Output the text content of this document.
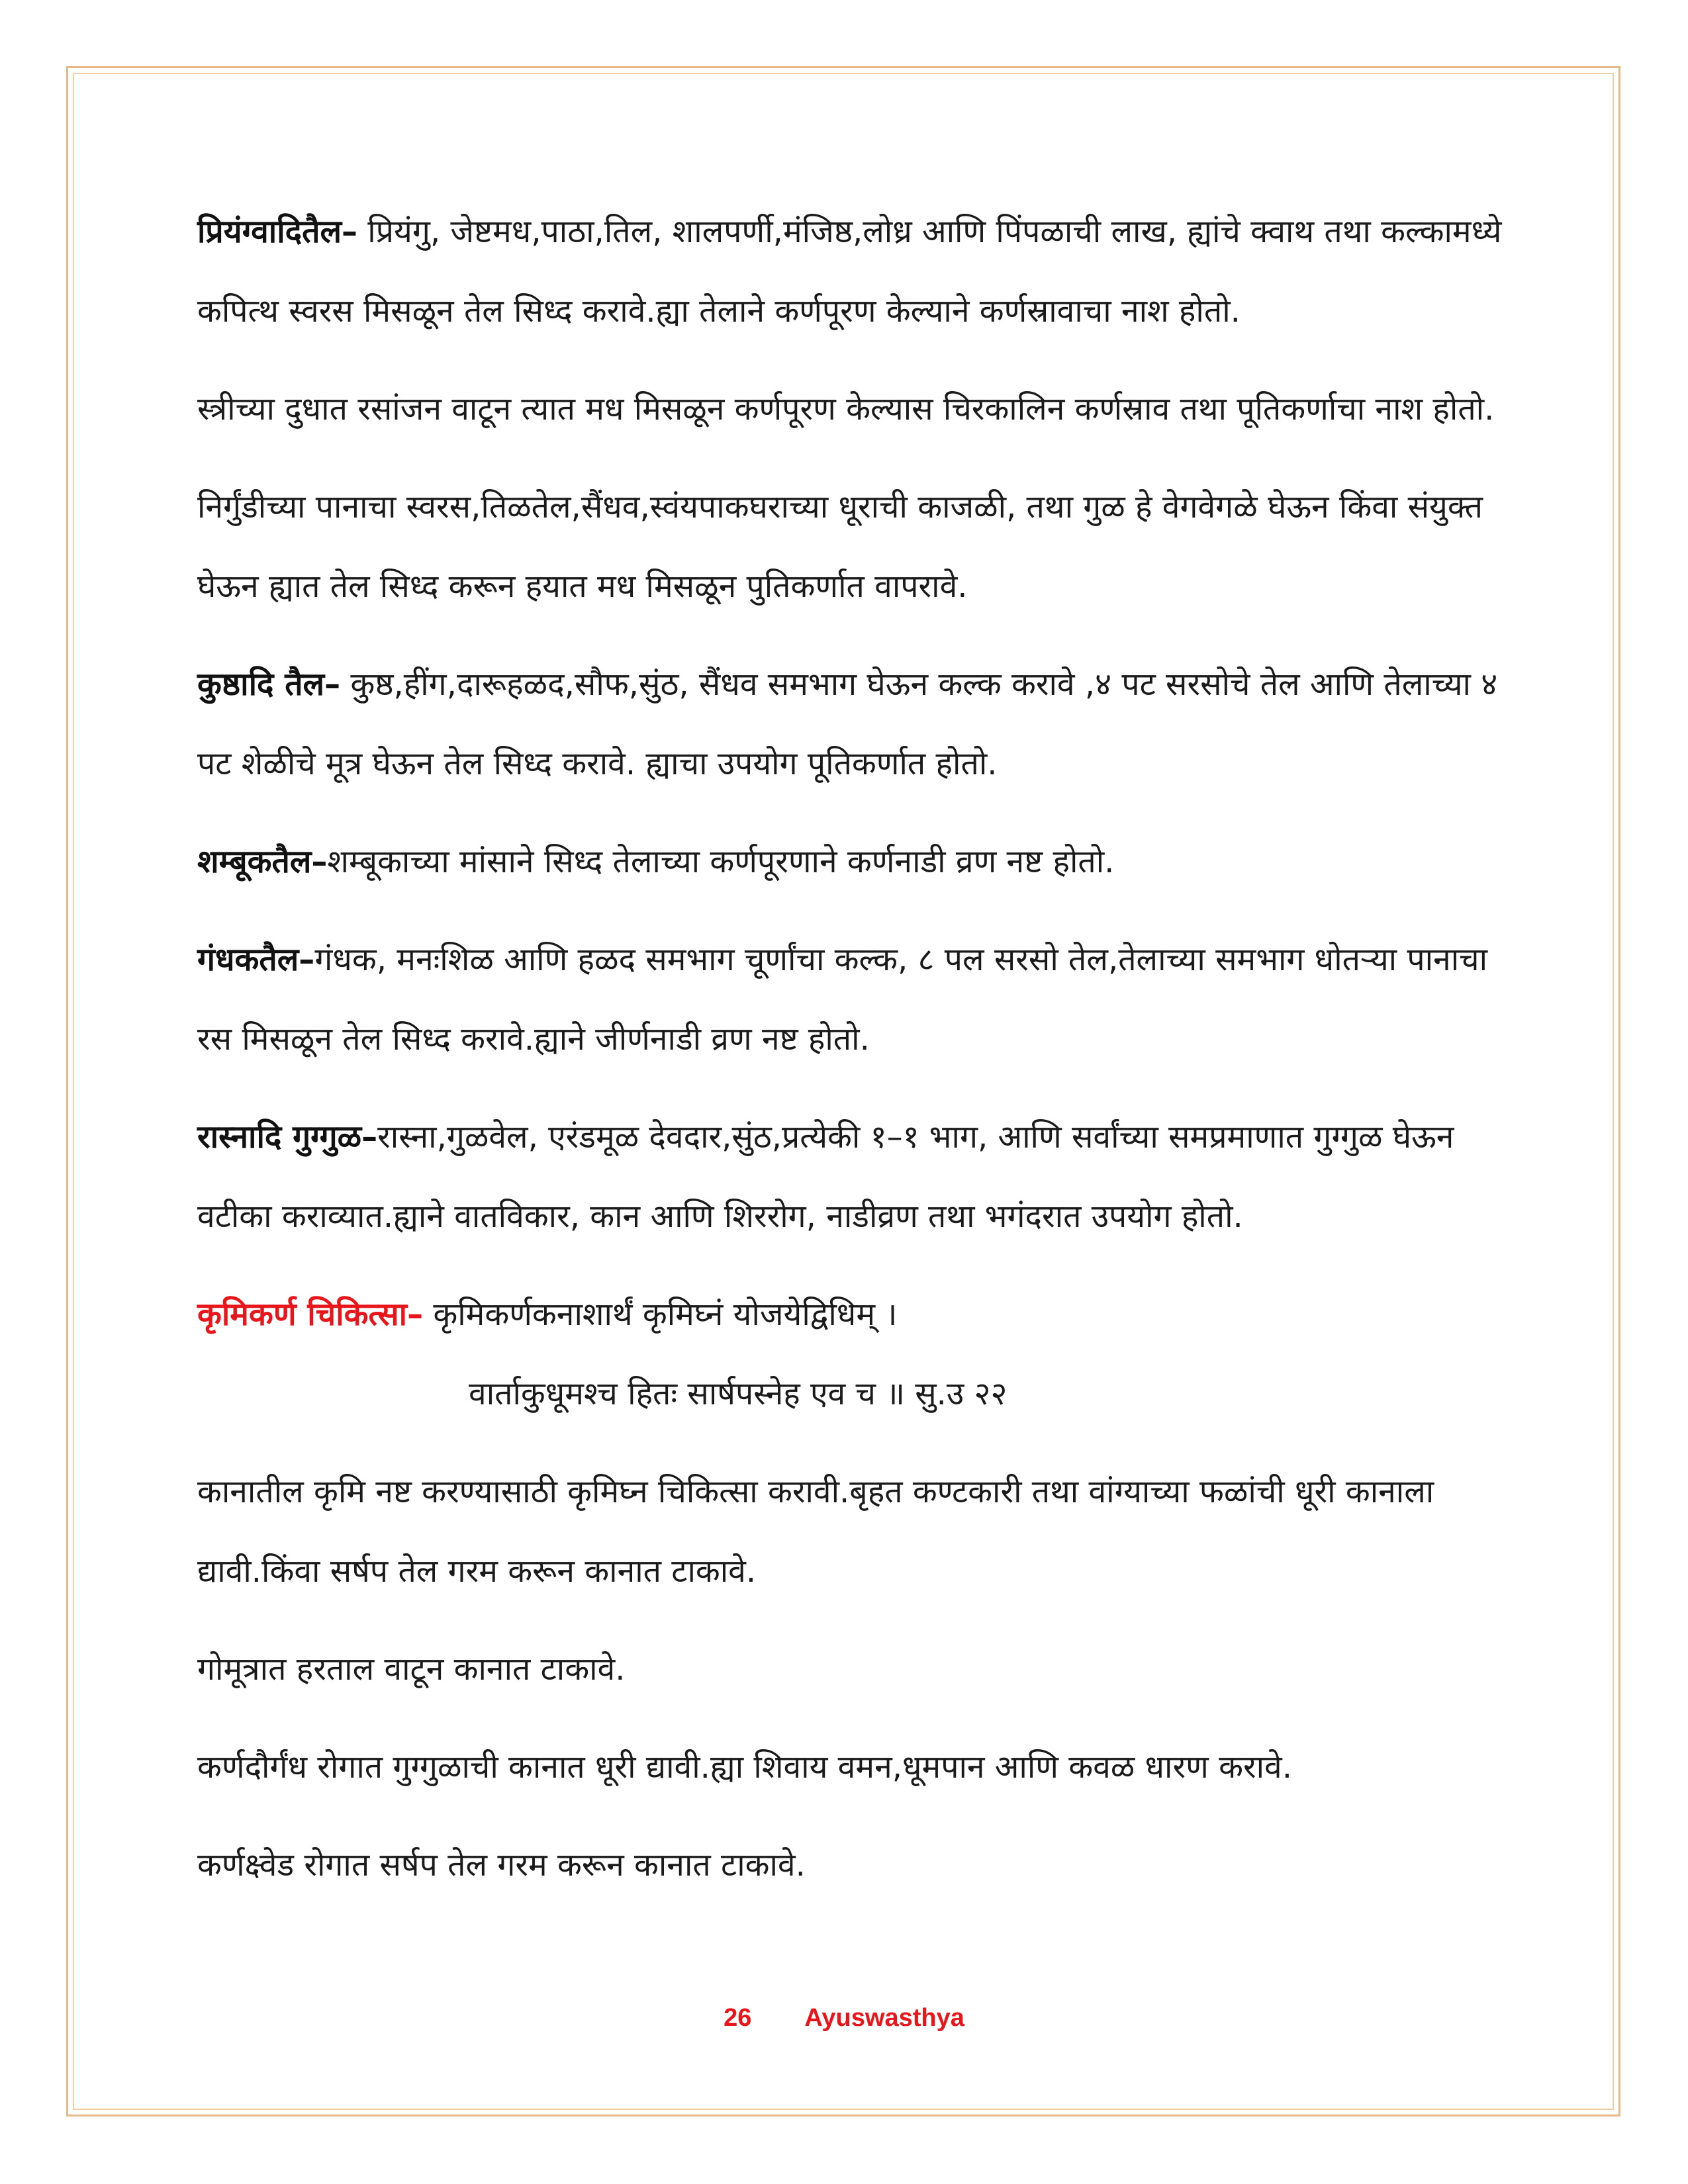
प्रियंग्वादितैल– प्रियंगु, जेष्टमध,पाठा,तिल, शालपर्णी,मंजिष्ठ,लोध्र आणि पिंपळाची लाख, ह्यांचे क्वाथ तथा कल्कामध्ये कपित्थ स्वरस मिसळून तेल सिध्द करावे.ह्या तेलाने कर्णपूरण केल्याने कर्णस्रावाचा नाश होतो.

स्त्रीच्या दुधात रसांजन वाटून त्यात मध मिसळून कर्णपूरण केल्यास चिरकालिन कर्णस्राव तथा पूतिकर्णाचा नाश होतो.

निर्गुंडीच्या पानाचा स्वरस,तिळतेल,सैंधव,स्वंयपाकघराच्या धूराची काजळी, तथा गुळ हे वेगवेगळे घेऊन किंवा संयुक्त घेऊन ह्यात तेल सिध्द करून हयात मध मिसळून पुतिकर्णात वापरावे.

कुष्ठादि तैल– कुष्ठ,हींग,दारूहळद,सौफ,सुंठ, सैंधव समभाग घेऊन कल्क करावे ,४ पट सरसोचे तेल आणि तेलाच्या ४ पट शेळीचे मूत्र घेऊन तेल सिध्द करावे. ह्याचा उपयोग पूतिकर्णात होतो.

शम्बूकतैल–शम्बूकाच्या मांसाने सिध्द तेलाच्या कर्णपूरणाने कर्णनाडी व्रण नष्ट होतो.

गंधकतैल–गंधक, मनःशिळ आणि हळद समभाग चूर्णांचा कल्क, ८ पल सरसो तेल,तेलाच्या समभाग धोतऱ्या पानाचा रस मिसळून तेल सिध्द करावे.ह्याने जीर्णनाडी व्रण नष्ट होतो.

रास्नादि गुग्गुळ–रास्ना,गुळवेल, एरंडमूळ देवदार,सुंठ,प्रत्येकी १–१ भाग, आणि सर्वांच्या समप्रमाणात गुग्गुळ घेऊन वटीका कराव्यात.ह्याने वातविकार, कान आणि शिररोग, नाडीव्रण तथा भगंदरात उपयोग होतो.

कृमिकर्ण चिकित्सा– कृमिकर्णकनाशार्थं कृमिघ्नं योजयेद्विधिम् ।

वार्ताकुधूमश्च हितः सार्षपस्नेह एव च ॥ सु.उ २२

कानातील कृमि नष्ट करण्यासाठी कृमिघ्न चिकित्सा करावी.बृहत कण्टकारी तथा वांग्याच्या फळांची धूरी कानाला द्यावी.किंवा सर्षप तेल गरम करून कानात टाकावे.

गोमूत्रात हरताल वाटून कानात टाकावे.

कर्णदौर्गंध रोगात गुग्गुळाची कानात धूरी द्यावी.ह्या शिवाय वमन,धूमपान आणि कवळ धारण करावे.

कर्णक्ष्वेड रोगात सर्षप तेल गरम करून कानात टाकावे.

26 Ayuswasthya
